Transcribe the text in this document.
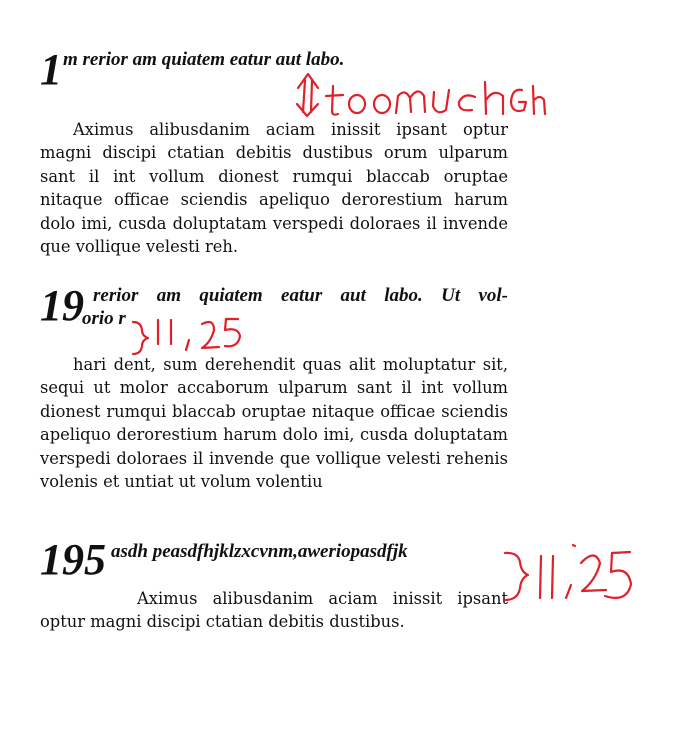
1 m rerior am quiatem eatur aut labo.

Aximus alibusdanim aciam inissit ipsant optur magni discipi ctatian debitis dustibus orum ulparum sant il int vollum dionest rumqui blaccab oruptae nitaque officae sciendis apeliquo derorestium harum dolo imi, cusda doluptatam verspedi doloraes il invende que vollique velesti reh.

19 rerior am quiatem eatur aut labo. Ut vol-
orio r

hari dent, sum derehendit quas alit moluptatur sit, sequi ut molor accaborum ulparum sant il int vollum dionest rumqui blaccab oruptae nitaque officae sciendis apeliquo derorestium harum dolo imi, cusda doluptatam verspedi doloraes il invende que vollique velesti rehenis volenis et untiat ut volum volentiu

195 asdh peasdfhjklzxcvnm,aweriopasdfjk

Aximus alibusdanim aciam inissit ipsant optur magni discipi ctatian debitis dustibus.
